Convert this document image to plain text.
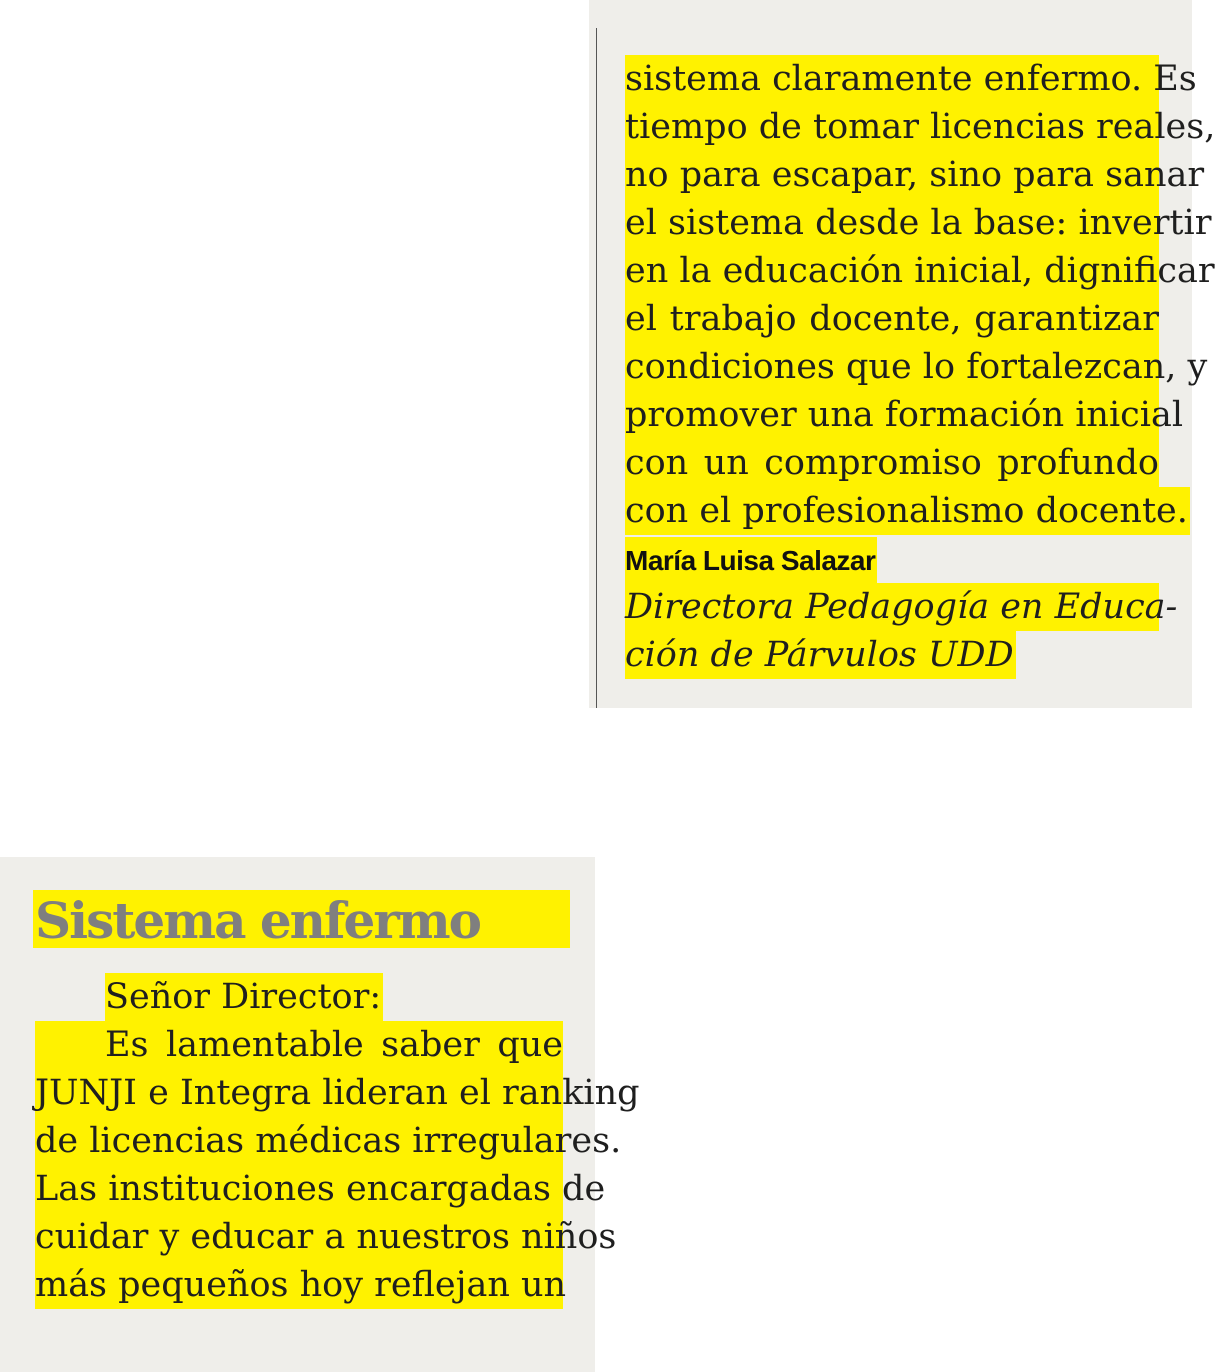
sistema claramente enfermo. Es
tiempo de tomar licencias reales,
no para escapar, sino para sanar
el sistema desde la base: invertir
en la educación inicial, dignificar
el trabajo docente, garantizar
condiciones que lo fortalezcan, y
promover una formación inicial
con un compromiso profundo
con el profesionalismo docente.
María Luisa Salazar
Directora Pedagogía en Educa-
ción de Párvulos UDD
Sistema enfermo
Señor Director:
Es lamentable saber que
JUNJI e Integra lideran el ranking
de licencias médicas irregulares.
Las instituciones encargadas de
cuidar y educar a nuestros niños
más pequeños hoy reflejan un
